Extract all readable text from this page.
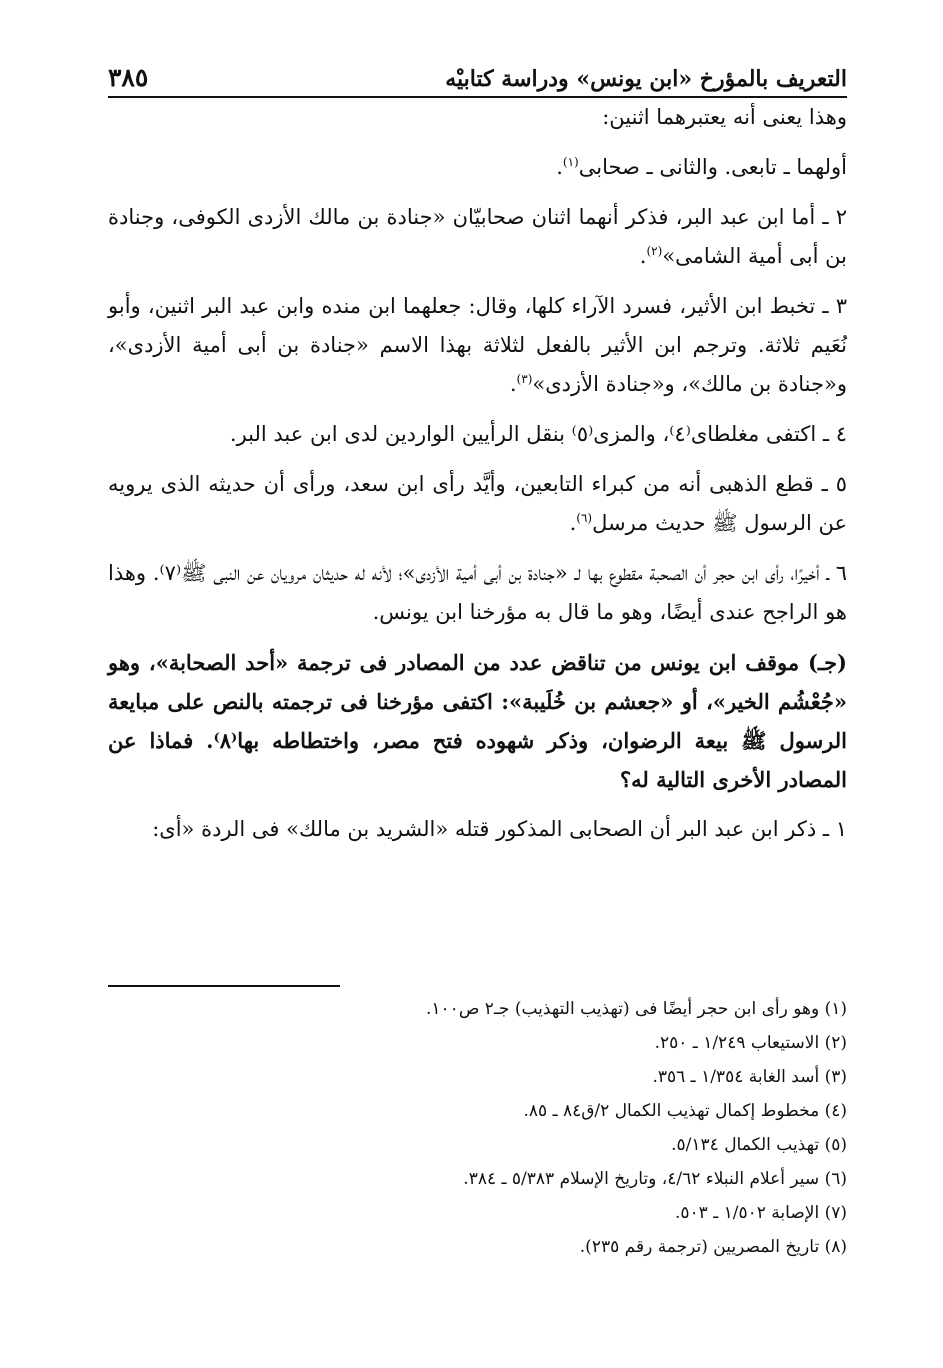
التعريف بالمؤرخ «ابن يونس» ودراسة كتابيْه
٣٨٥

وهذا يعنى أنه يعتبرهما اثنين:

أولهما ـ تابعى. والثانى ـ صحابى$^{(١)}$.

٢ ـ أما ابن عبد البر، فذكر أنهما اثنان صحابيّان «جنادة بن مالك الأزدى الكوفى، وجنادة بن أبى أمية الشامى»$^{(٢)}$.

٣ ـ تخبط ابن الأثير، فسرد الآراء كلها، وقال: جعلهما ابن منده وابن عبد البر اثنين، وأبو نُعَيم ثلاثة. وترجم ابن الأثير بالفعل لثلاثة بهذا الاسم «جنادة بن أبى أمية الأزدى»، و«جنادة بن مالك»، و«جنادة الأزدى»$^{(٣)}$.

٤ ـ اكتفى مغلطاى⁽٤⁾، والمزى⁽٥⁾ بنقل الرأيين الواردين لدى ابن عبد البر.

٥ ـ قطع الذهبى أنه من كبراء التابعين، وأيَّد رأى ابن سعد، ورأى أن حديثه الذى يرويه عن الرسول ﷺ حديث مرسل$^{(٦)}$.

٦ ـ أخيرًا، رأى ابن حجر أن الصحبة مقطوع بها لـ «جنادة بن أبى أمية الأزدى»؛ لأنه له حديثان مرويان عن النبى ﷺ⁽٧⁾. وهذا هو الراجح عندى أيضًا، وهو ما قال به مؤرخنا ابن يونس.

(جـ) موقف ابن يونس من تناقض عدد من المصادر فى ترجمة «أحد الصحابة»، وهو «جُعْشُم الخير»، أو «جعشم بن خُلَيبة»: اكتفى مؤرخنا فى ترجمته بالنص على مبايعة الرسول ﷺ بيعة الرضوان، وذكر شهوده فتح مصر، واختطاطه بها⁽٨⁾. فماذا عن المصادر الأخرى التالية له؟

١ ـ ذكر ابن عبد البر أن الصحابى المذكور قتله «الشريد بن مالك» فى الردة «أى:

(١) وهو رأى ابن حجر أيضًا فى (تهذيب التهذيب) جـ٢ ص١٠٠.
(٢) الاستيعاب ١/٢٤٩ ـ ٢٥٠.
(٣) أسد الغابة ١/٣٥٤ ـ ٣٥٦.
(٤) مخطوط إكمال تهذيب الكمال ٢/ق٨٤ ـ ٨٥.
(٥) تهذيب الكمال ٥/١٣٤.
(٦) سير أعلام النبلاء ٤/٦٢، وتاريخ الإسلام ٥/٣٨٣ ـ ٣٨٤.
(٧) الإصابة ١/٥٠٢ ـ ٥٠٣.
(٨) تاريخ المصريين (ترجمة رقم ٢٣٥).
